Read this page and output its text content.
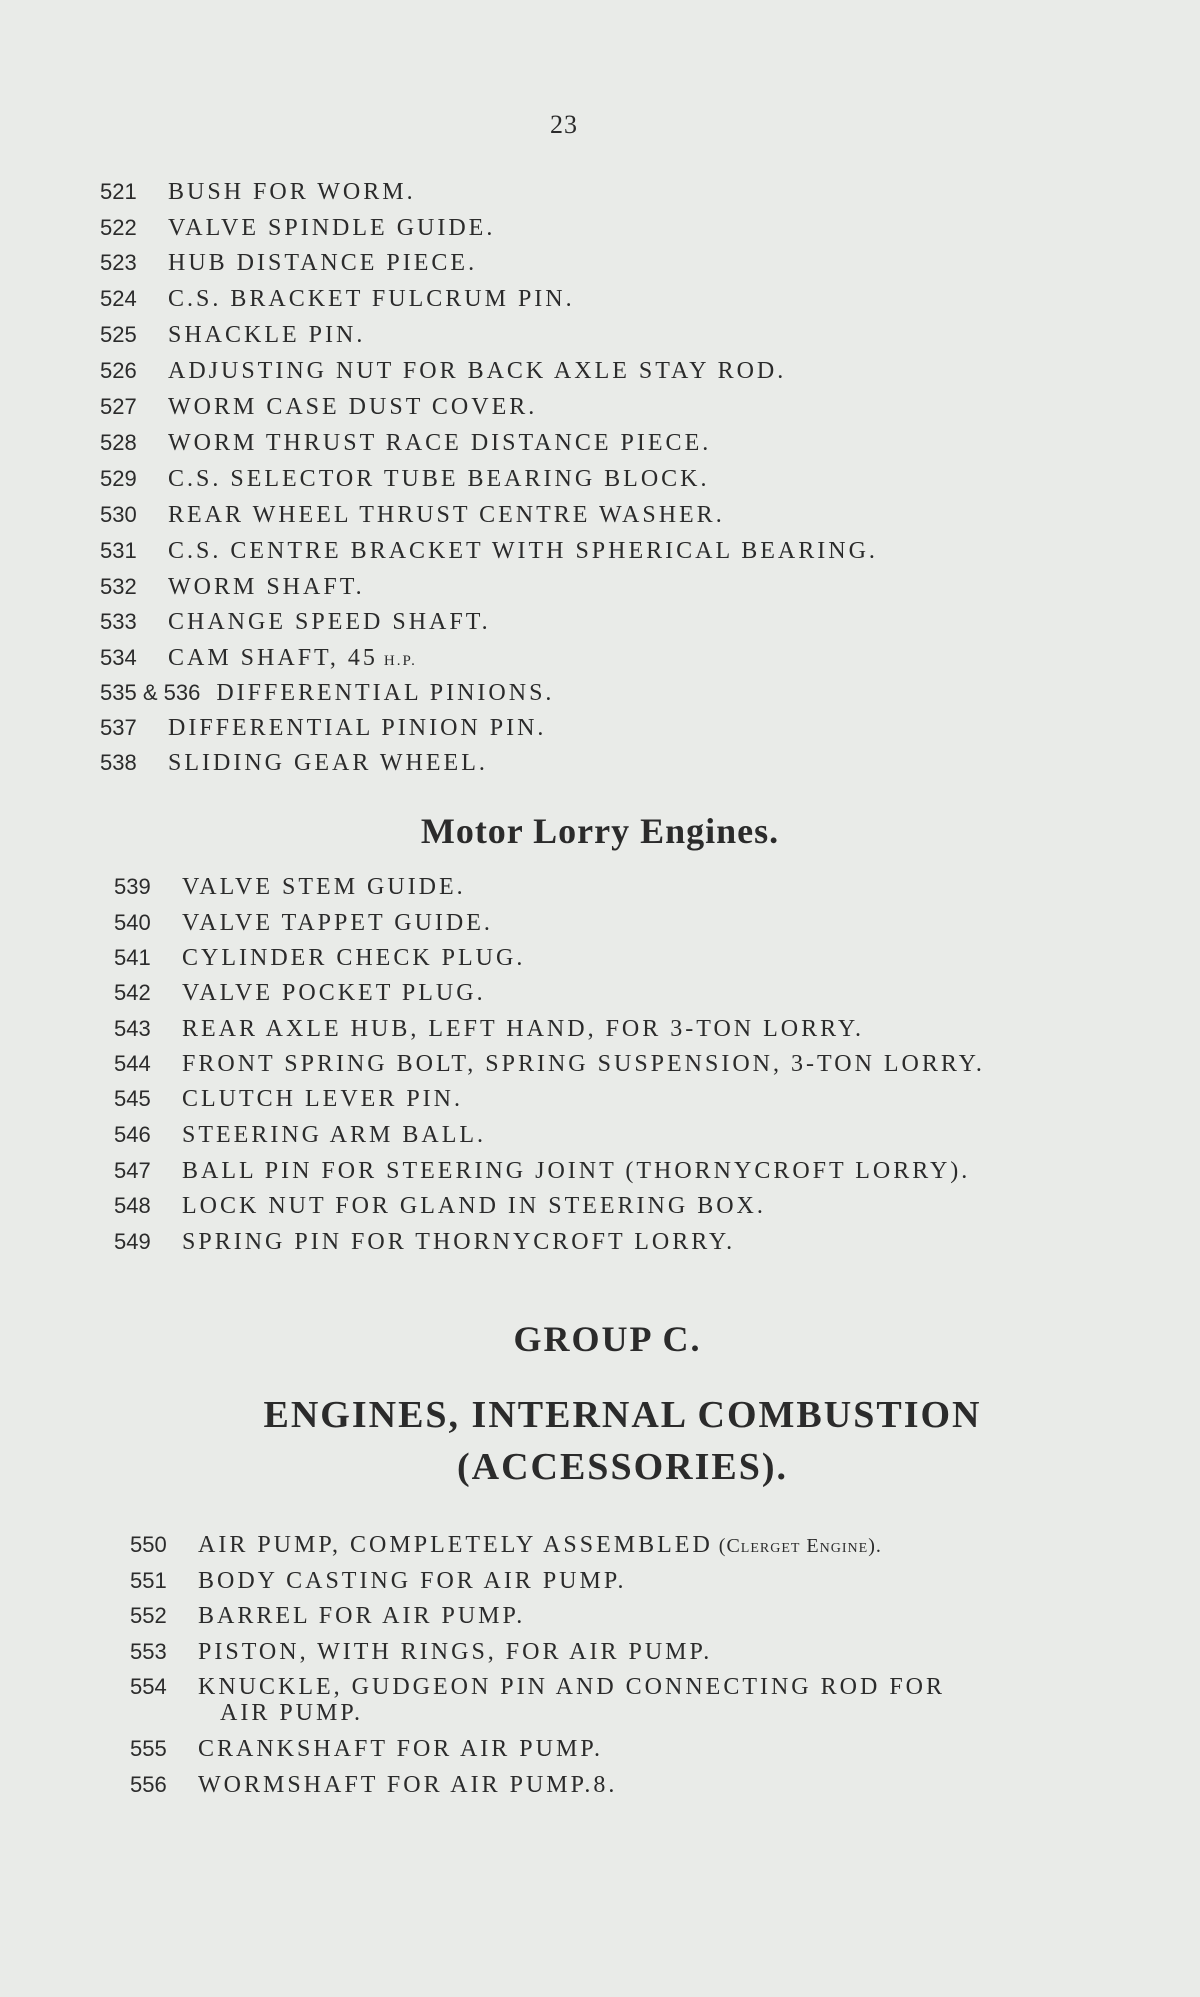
23
521 BUSH FOR WORM.
522 VALVE SPINDLE GUIDE.
523 HUB DISTANCE PIECE.
524 C.S. BRACKET FULCRUM PIN.
525 SHACKLE PIN.
526 ADJUSTING NUT FOR BACK AXLE STAY ROD.
527 WORM CASE DUST COVER.
528 WORM THRUST RACE DISTANCE PIECE.
529 C.S. SELECTOR TUBE BEARING BLOCK.
530 REAR WHEEL THRUST CENTRE WASHER.
531 C.S. CENTRE BRACKET WITH SPHERICAL BEARING.
532 WORM SHAFT.
533 CHANGE SPEED SHAFT.
534 CAM SHAFT, 45 H.P.
535 & 536 DIFFERENTIAL PINIONS.
537 DIFFERENTIAL PINION PIN.
538 SLIDING GEAR WHEEL.
Motor Lorry Engines.
539 VALVE STEM GUIDE.
540 VALVE TAPPET GUIDE.
541 CYLINDER CHECK PLUG.
542 VALVE POCKET PLUG.
543 REAR AXLE HUB, LEFT HAND, FOR 3-TON LORRY.
544 FRONT SPRING BOLT, SPRING SUSPENSION, 3-TON LORRY.
545 CLUTCH LEVER PIN.
546 STEERING ARM BALL.
547 BALL PIN FOR STEERING JOINT (THORNYCROFT LORRY).
548 LOCK NUT FOR GLAND IN STEERING BOX.
549 SPRING PIN FOR THORNYCROFT LORRY.
GROUP C.
ENGINES, INTERNAL COMBUSTION
(ACCESSORIES).
550 AIR PUMP, COMPLETELY ASSEMBLED (Clerget Engine).
551 BODY CASTING FOR AIR PUMP.
552 BARREL FOR AIR PUMP.
553 PISTON, WITH RINGS, FOR AIR PUMP.
554 KNUCKLE, GUDGEON PIN AND CONNECTING ROD FOR
AIR PUMP.
555 CRANKSHAFT FOR AIR PUMP.
556 WORMSHAFT FOR AIR PUMP.8.
